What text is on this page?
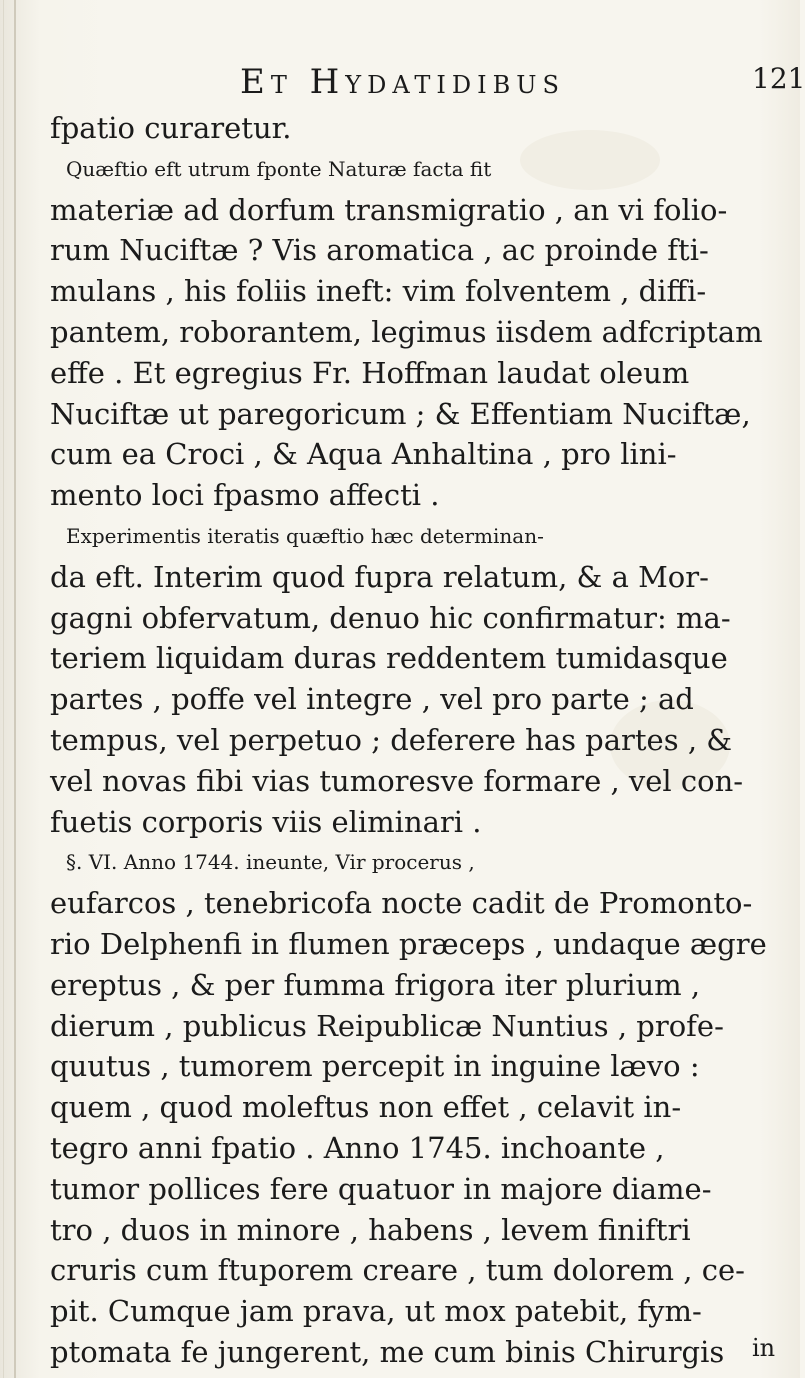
Et Hydatidibus	121
fpatio curaretur.
Quæftio eft utrum fponte Naturæ facta fit
materiæ ad dorfum transmigratio , an vi folio-
rum Nuciftæ ? Vis aromatica , ac proinde fti-
mulans , his foliis ineft: vim folventem , diffi-
pantem, roborantem, legimus iisdem adfcriptam
effe . Et egregius Fr. Hoffman laudat oleum
Nuciftæ ut paregoricum ; & Effentiam Nuciftæ,
cum ea Croci , & Aqua Anhaltina , pro lini-
mento loci fpasmo affecti .
Experimentis iteratis quæftio hæc determinan-
da eft. Interim quod fupra relatum, & a Mor-
gagni obfervatum, denuo hic confirmatur: ma-
teriem liquidam duras reddentem tumidasque
partes , poffe vel integre , vel pro parte ; ad
tempus, vel perpetuo ; deferere has partes , &
vel novas fibi vias tumoresve formare , vel con-
fuetis corporis viis eliminari .
§. VI. Anno 1744. ineunte, Vir procerus ,
eufarcos , tenebricofa nocte cadit de Promonto-
rio Delphenfi in flumen præceps , undaque ægre
ereptus , & per fumma frigora iter plurium ,
dierum , publicus Reipublicæ Nuntius , profe-
quutus , tumorem percepit in inguine lævo :
quem , quod moleftus non effet , celavit in-
tegro anni fpatio . Anno 1745. inchoante ,
tumor pollices fere quatuor in majore diame-
tro , duos in minore , habens , levem finiftri
cruris cum ftuporem creare , tum dolorem , ce-
pit. Cumque jam prava, ut mox patebit, fym-
ptomata fe jungerent, me cum binis Chirurgis	in
